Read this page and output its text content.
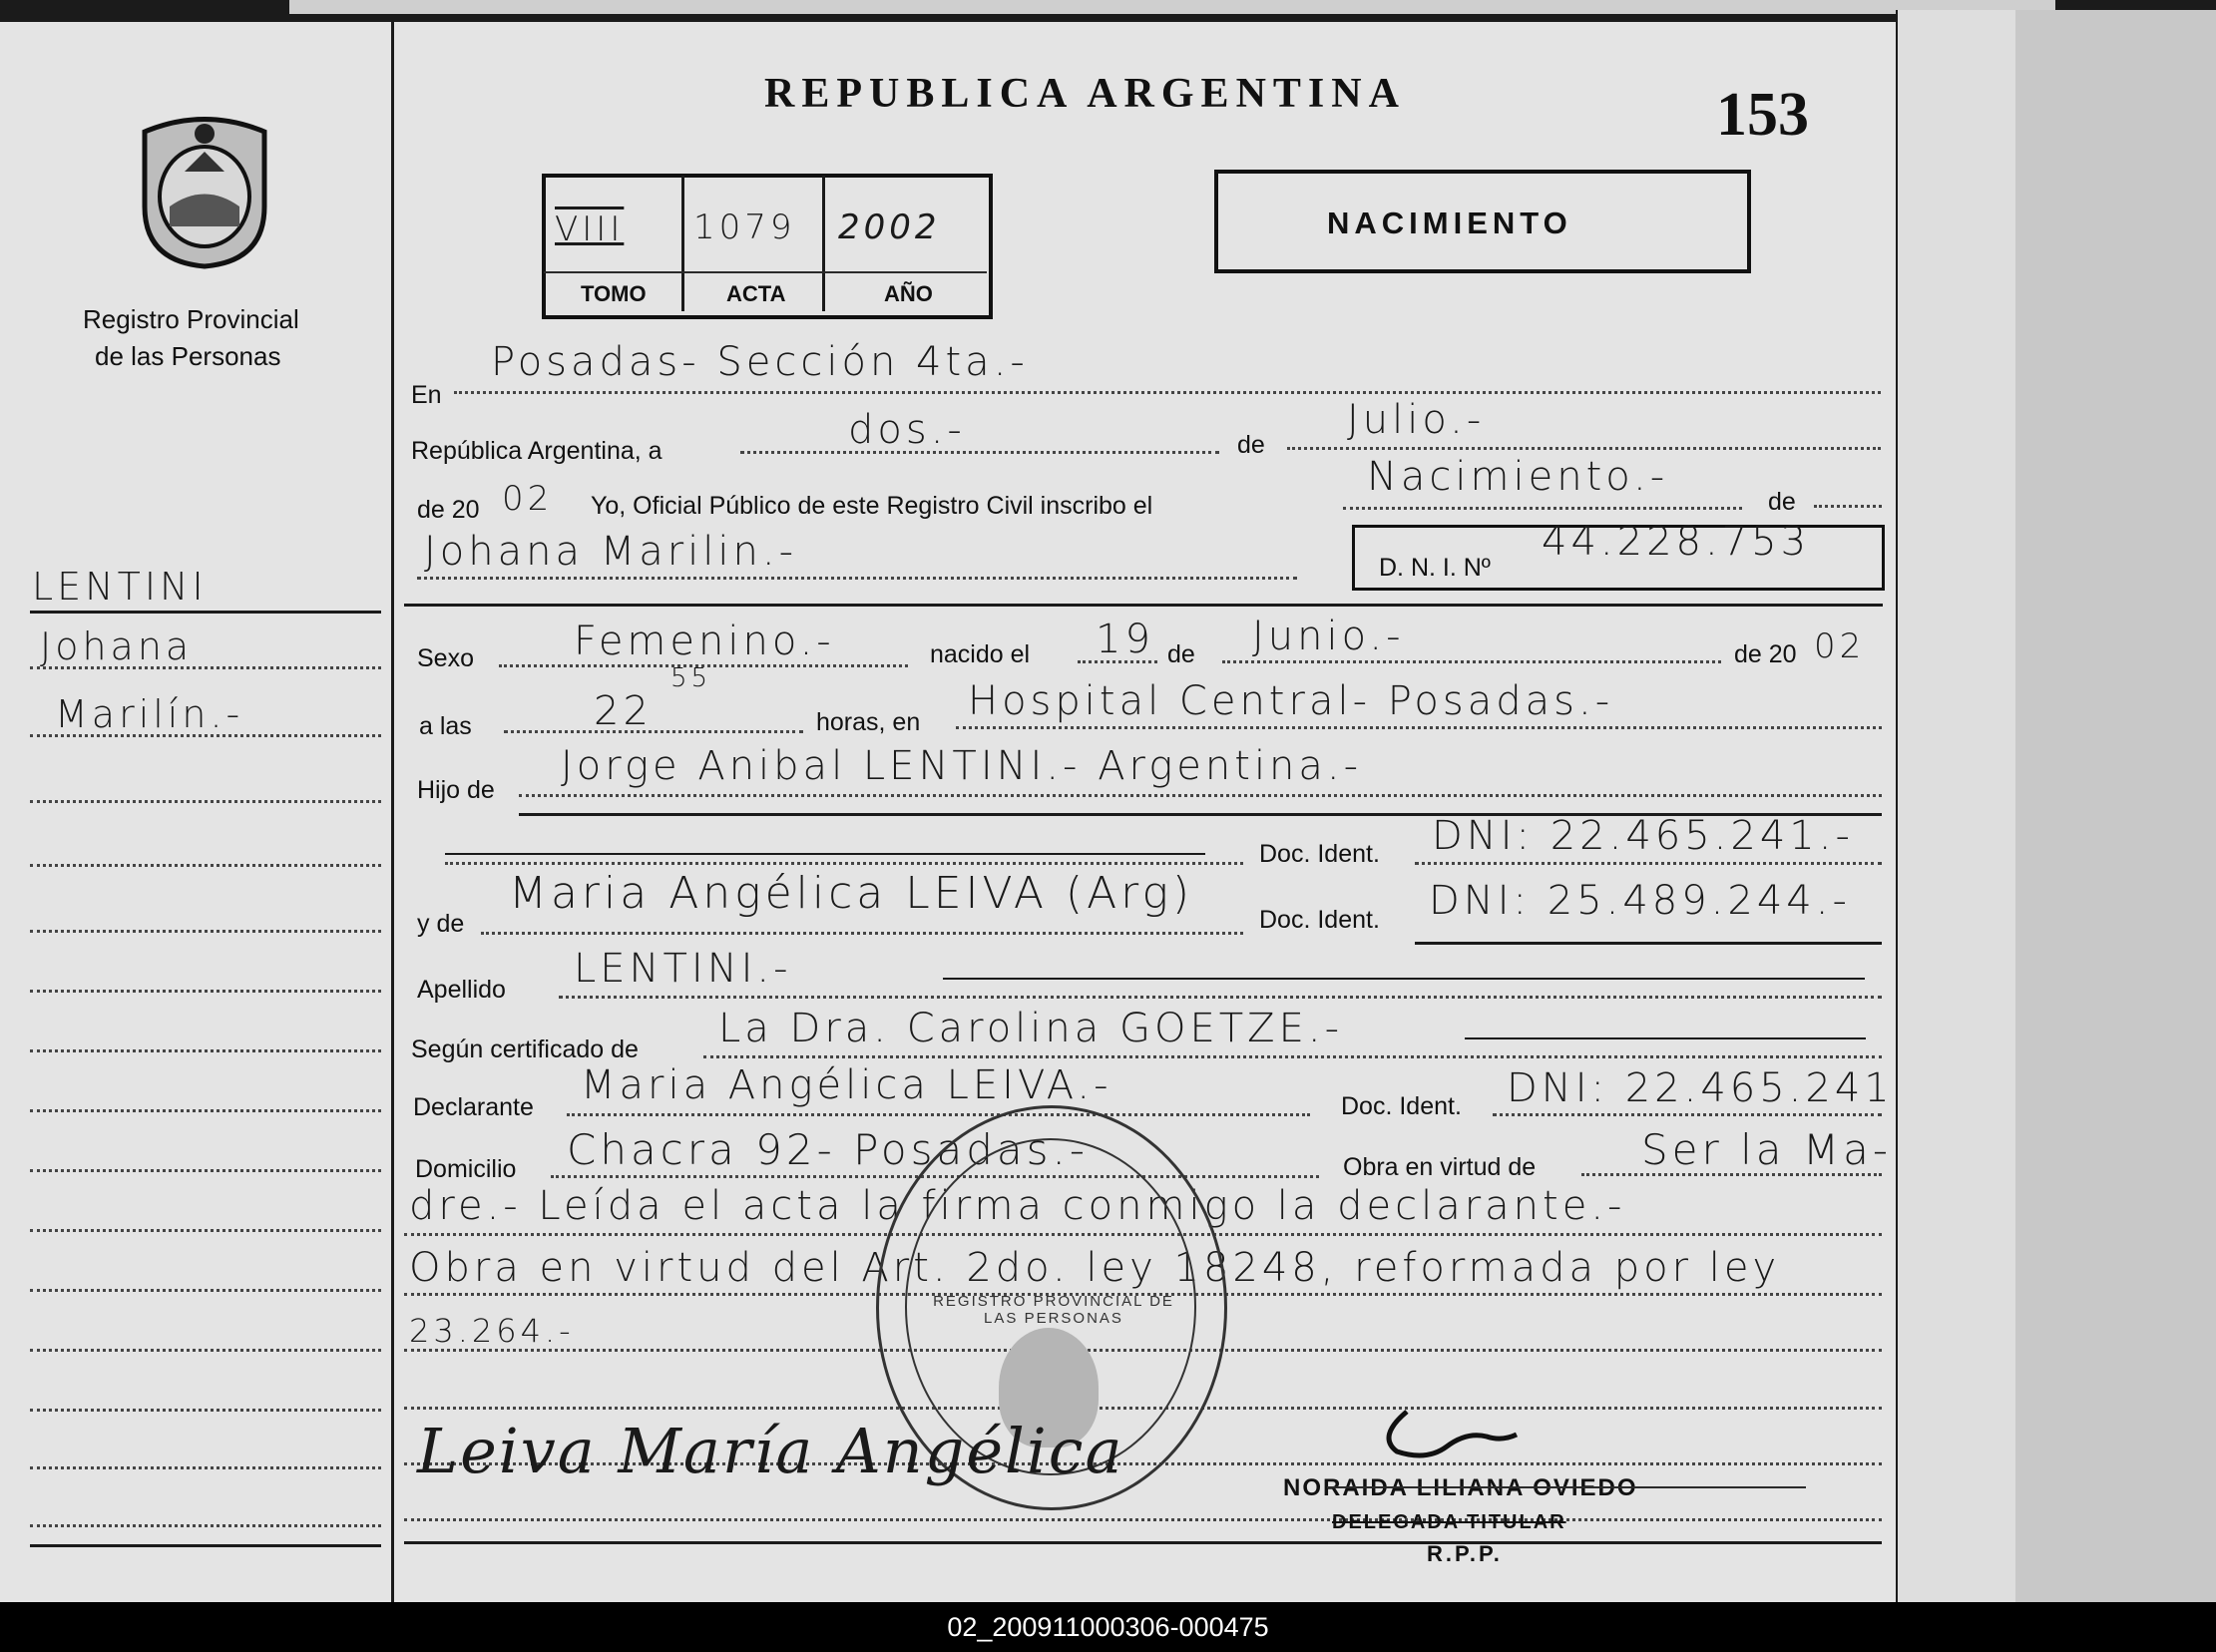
REPUBLICA ARGENTINA	153
Registro Provincial
de las Personas
VIII 1079 2002
TOMO	ACTA	AÑO
NACIMIENTO
LENTINI
Johana
Marilín.-
En
Posadas- Sección 4ta.-
República Argentina, a	dos.-	de
Julio.-
de 20 02 Yo, Oficial Público de este Registro Civil inscribo el
Nacimiento.-
de
Johana Marilin.-	D. N. I. Nº
44.228.753
Sexo	Femenino.-	nacido el 19 de Junio.-	de 20 02
a las	22
55
horas, en Hospital Central- Posadas.-
Hijo de
Jorge Anibal LENTINI.- Argentina.-
Doc. Ident. DNI: 22.465.241.-
y de
Maria Angélica LEIVA (Arg)
Doc. Ident. DNI: 25.489.244.-
Apellido LENTINI.-
Según certificado de La Dra. Carolina GOETZE.-
Declarante Maria Angélica LEIVA.-	Doc. Ident. DNI: 22.465.241
Domicilio Chacra 92- Posadas.-	Obra en virtud de	Ser la Ma-
dre.- Leída el acta la firma conmigo la declarante.-
Obra en virtud del Art. 2do. ley 18248, reformada por ley
23.264.-
REGISTRO PROVINCIAL DE LAS PERSONAS
Leiva María Angélica
NORAIDA LILIANA OVIEDO
DELEGADA TITULAR
R.P.P.
02_200911000306-000475
